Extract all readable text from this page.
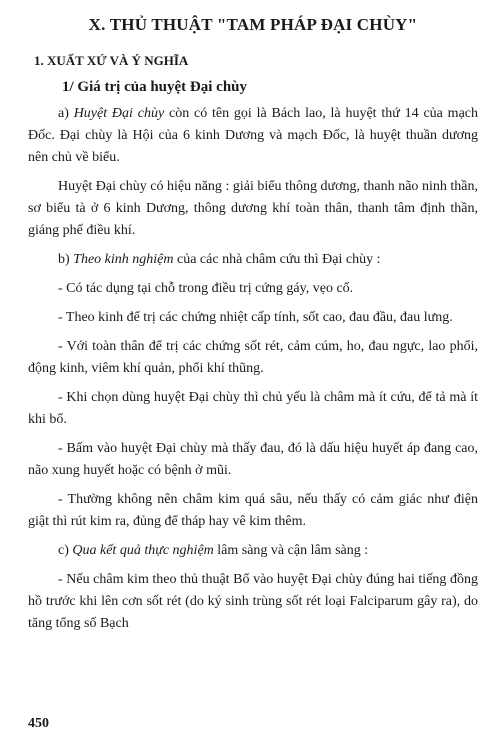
X. THỦ THUẬT "TAM PHÁP ĐẠI CHÙY"
1. XUẤT XỨ VÀ Ý NGHĨA
1/ Giá trị của huyệt Đại chùy

a) Huyệt Đại chùy còn có tên gọi là Bách lao, là huyệt thứ 14 của mạch Đốc. Đại chùy là Hội của 6 kinh Dương và mạch Đốc, là huyệt thuần dương nên chủ về biểu.

Huyệt Đại chùy có hiệu năng : giải biểu thông dương, thanh não ninh thần, sơ biểu tà ở 6 kinh Dương, thông dương khí toàn thân, thanh tâm định thần, giáng phế điều khí.

b) Theo kinh nghiệm của các nhà châm cứu thì Đại chùy :

- Có tác dụng tại chỗ trong điều trị cứng gáy, vẹo cổ.

- Theo kinh để trị các chứng nhiệt cấp tính, sốt cao, đau đầu, đau lưng.

- Với toàn thân để trị các chứng sốt rét, cảm cúm, ho, đau ngực, lao phổi, động kinh, viêm khí quản, phổi khí thũng.

- Khi chọn dùng huyệt Đại chùy thì chủ yếu là châm mà ít cứu, để tả mà ít khi bổ.

- Bấm vào huyệt Đại chùy mà thấy đau, đó là dấu hiệu huyết áp đang cao, não xung huyết hoặc có bệnh ở mũi.

- Thường không nên châm kim quá sâu, nếu thấy có cảm giác như điện giật thì rút kim ra, đủng để tháp hay vê kim thêm.

c) Qua kết quả thực nghiệm lâm sàng và cận lâm sàng :

- Nếu châm kim theo thủ thuật Bổ vào huyệt Đại chùy đúng hai tiếng đồng hồ trước khi lên cơn sốt rét (do ký sinh trùng sốt rét loại Falciparum gây ra), do tăng tổng số Bạch

450
